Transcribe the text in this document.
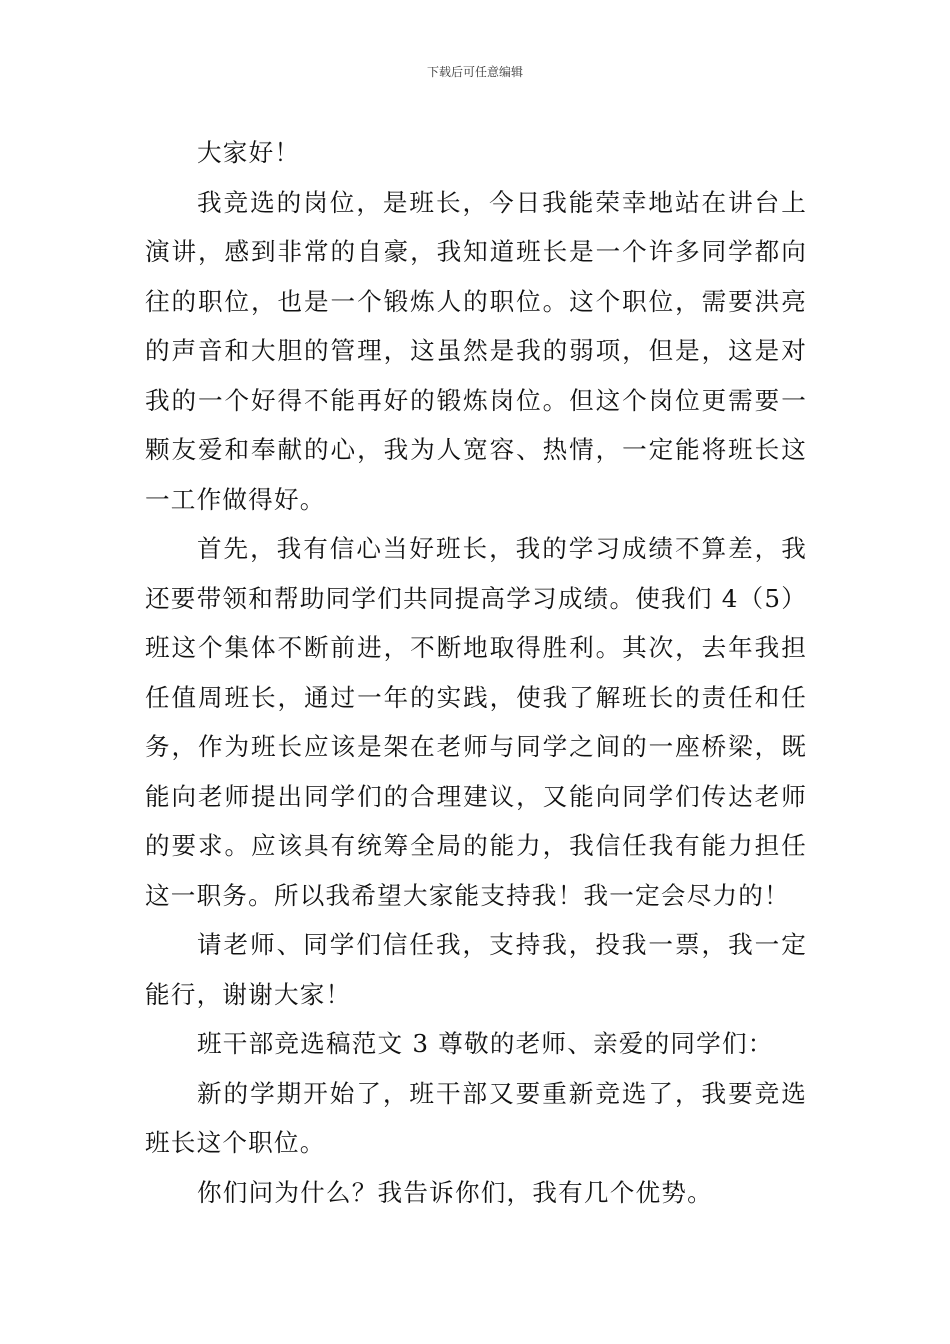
下载后可任意编辑

大家好！

我竞选的岗位，是班长，今日我能荣幸地站在讲台上演讲，感到非常的自豪，我知道班长是一个许多同学都向往的职位，也是一个锻炼人的职位。这个职位，需要洪亮的声音和大胆的管理，这虽然是我的弱项，但是，这是对我的一个好得不能再好的锻炼岗位。但这个岗位更需要一颗友爱和奉献的心，我为人宽容、热情，一定能将班长这一工作做得好。

首先，我有信心当好班长，我的学习成绩不算差，我还要带领和帮助同学们共同提高学习成绩。使我们 4（5）班这个集体不断前进，不断地取得胜利。其次，去年我担任值周班长，通过一年的实践，使我了解班长的责任和任务，作为班长应该是架在老师与同学之间的一座桥梁，既能向老师提出同学们的合理建议，又能向同学们传达老师的要求。应该具有统筹全局的能力，我信任我有能力担任这一职务。所以我希望大家能支持我！我一定会尽力的！

请老师、同学们信任我，支持我，投我一票，我一定能行，谢谢大家！

班干部竞选稿范文 3 尊敬的老师、亲爱的同学们：

新的学期开始了，班干部又要重新竞选了，我要竞选班长这个职位。

你们问为什么？我告诉你们，我有几个优势。
